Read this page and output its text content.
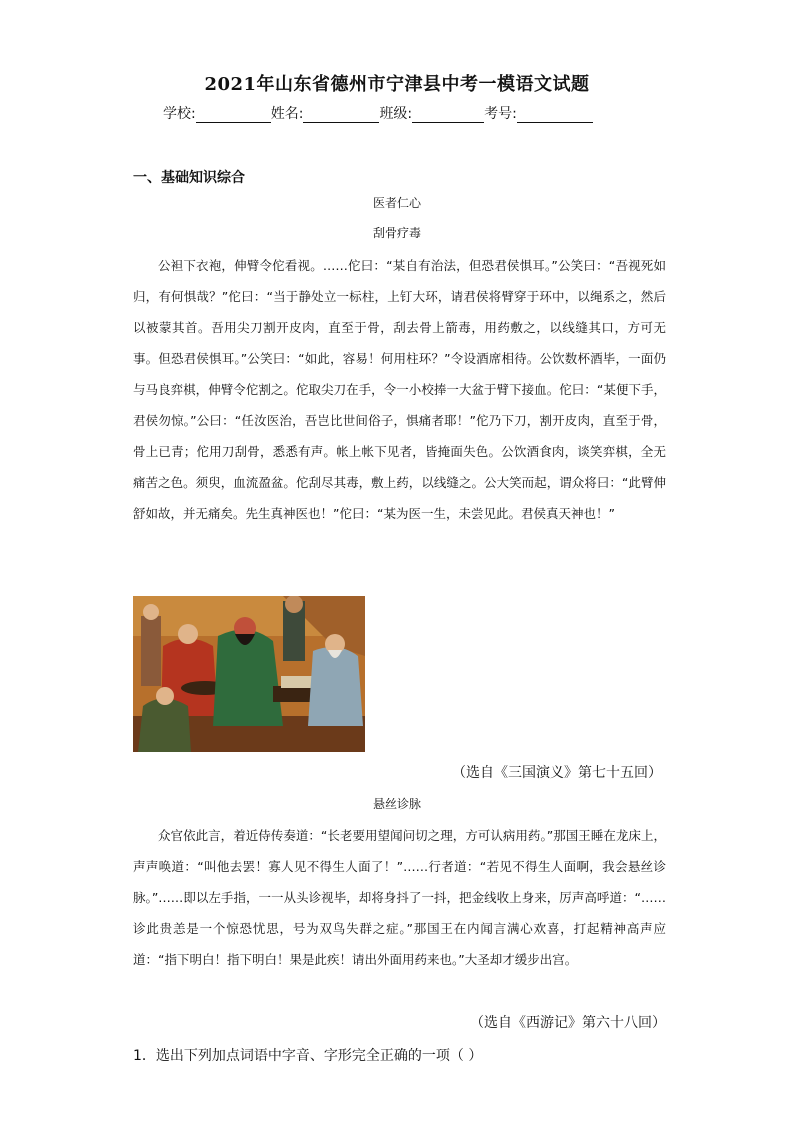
2021年山东省德州市宁津县中考一模语文试题
学校:	姓名:	班级:	考号:
一、基础知识综合
医者仁心
刮骨疗毒

公袒下衣袍，伸臂令佗看视。……佗曰：“某自有治法，但恐君侯惧耳。”公笑曰：“吾视死如归，有何惧哉？”佗曰：“当于静处立一标柱，上钉大环，请君侯将臂穿于环中，以绳系之，然后以被蒙其首。吾用尖刀割开皮肉，直至于骨，刮去骨上箭毒，用药敷之，以线缝其口，方可无事。但恐君侯惧耳。”公笑曰：“如此，容易！何用柱环？”令设酒席相待。公饮数杯酒毕，一面仍与马良弈棋，伸臂令佗割之。佗取尖刀在手，令一小校捧一大盆于臂下接血。佗曰：“某便下手，君侯勿惊。”公曰：“任汝医治，吾岂比世间俗子，惧痛者耶！”佗乃下刀，割开皮肉，直至于骨，骨上已青；佗用刀刮骨，悉悉有声。帐上帐下见者，皆掩面失色。公饮酒食肉，谈笑弈棋，全无痛苦之色。须臾，血流盈盆。佗刮尽其毒，敷上药，以线缝之。公大笑而起，谓众将曰：“此臂伸舒如故，并无痛矣。先生真神医也！”佗曰：“某为医一生，未尝见此。君侯真天神也！”

（选自《三国演义》第七十五回）
悬丝诊脉

众官依此言，着近侍传奏道：“长老要用望闻问切之理，方可认病用药。”那国王睡在龙床上，声声唤道：“叫他去罢！寡人见不得生人面了！”……行者道：“若见不得生人面啊，我会悬丝诊脉。”……即以左手指，一一从头诊视毕，却将身抖了一抖，把金线收上身来，厉声高呼道：“……诊此贵恙是一个惊恐忧思，号为双鸟失群之症。”那国王在内闻言满心欢喜，打起精神高声应道：“指下明白！指下明白！果是此疾！请出外面用药来也。”大圣却才缓步出宫。

（选自《西游记》第六十八回）
1．选出下列加点词语中字音、字形完全正确的一项（ ）
